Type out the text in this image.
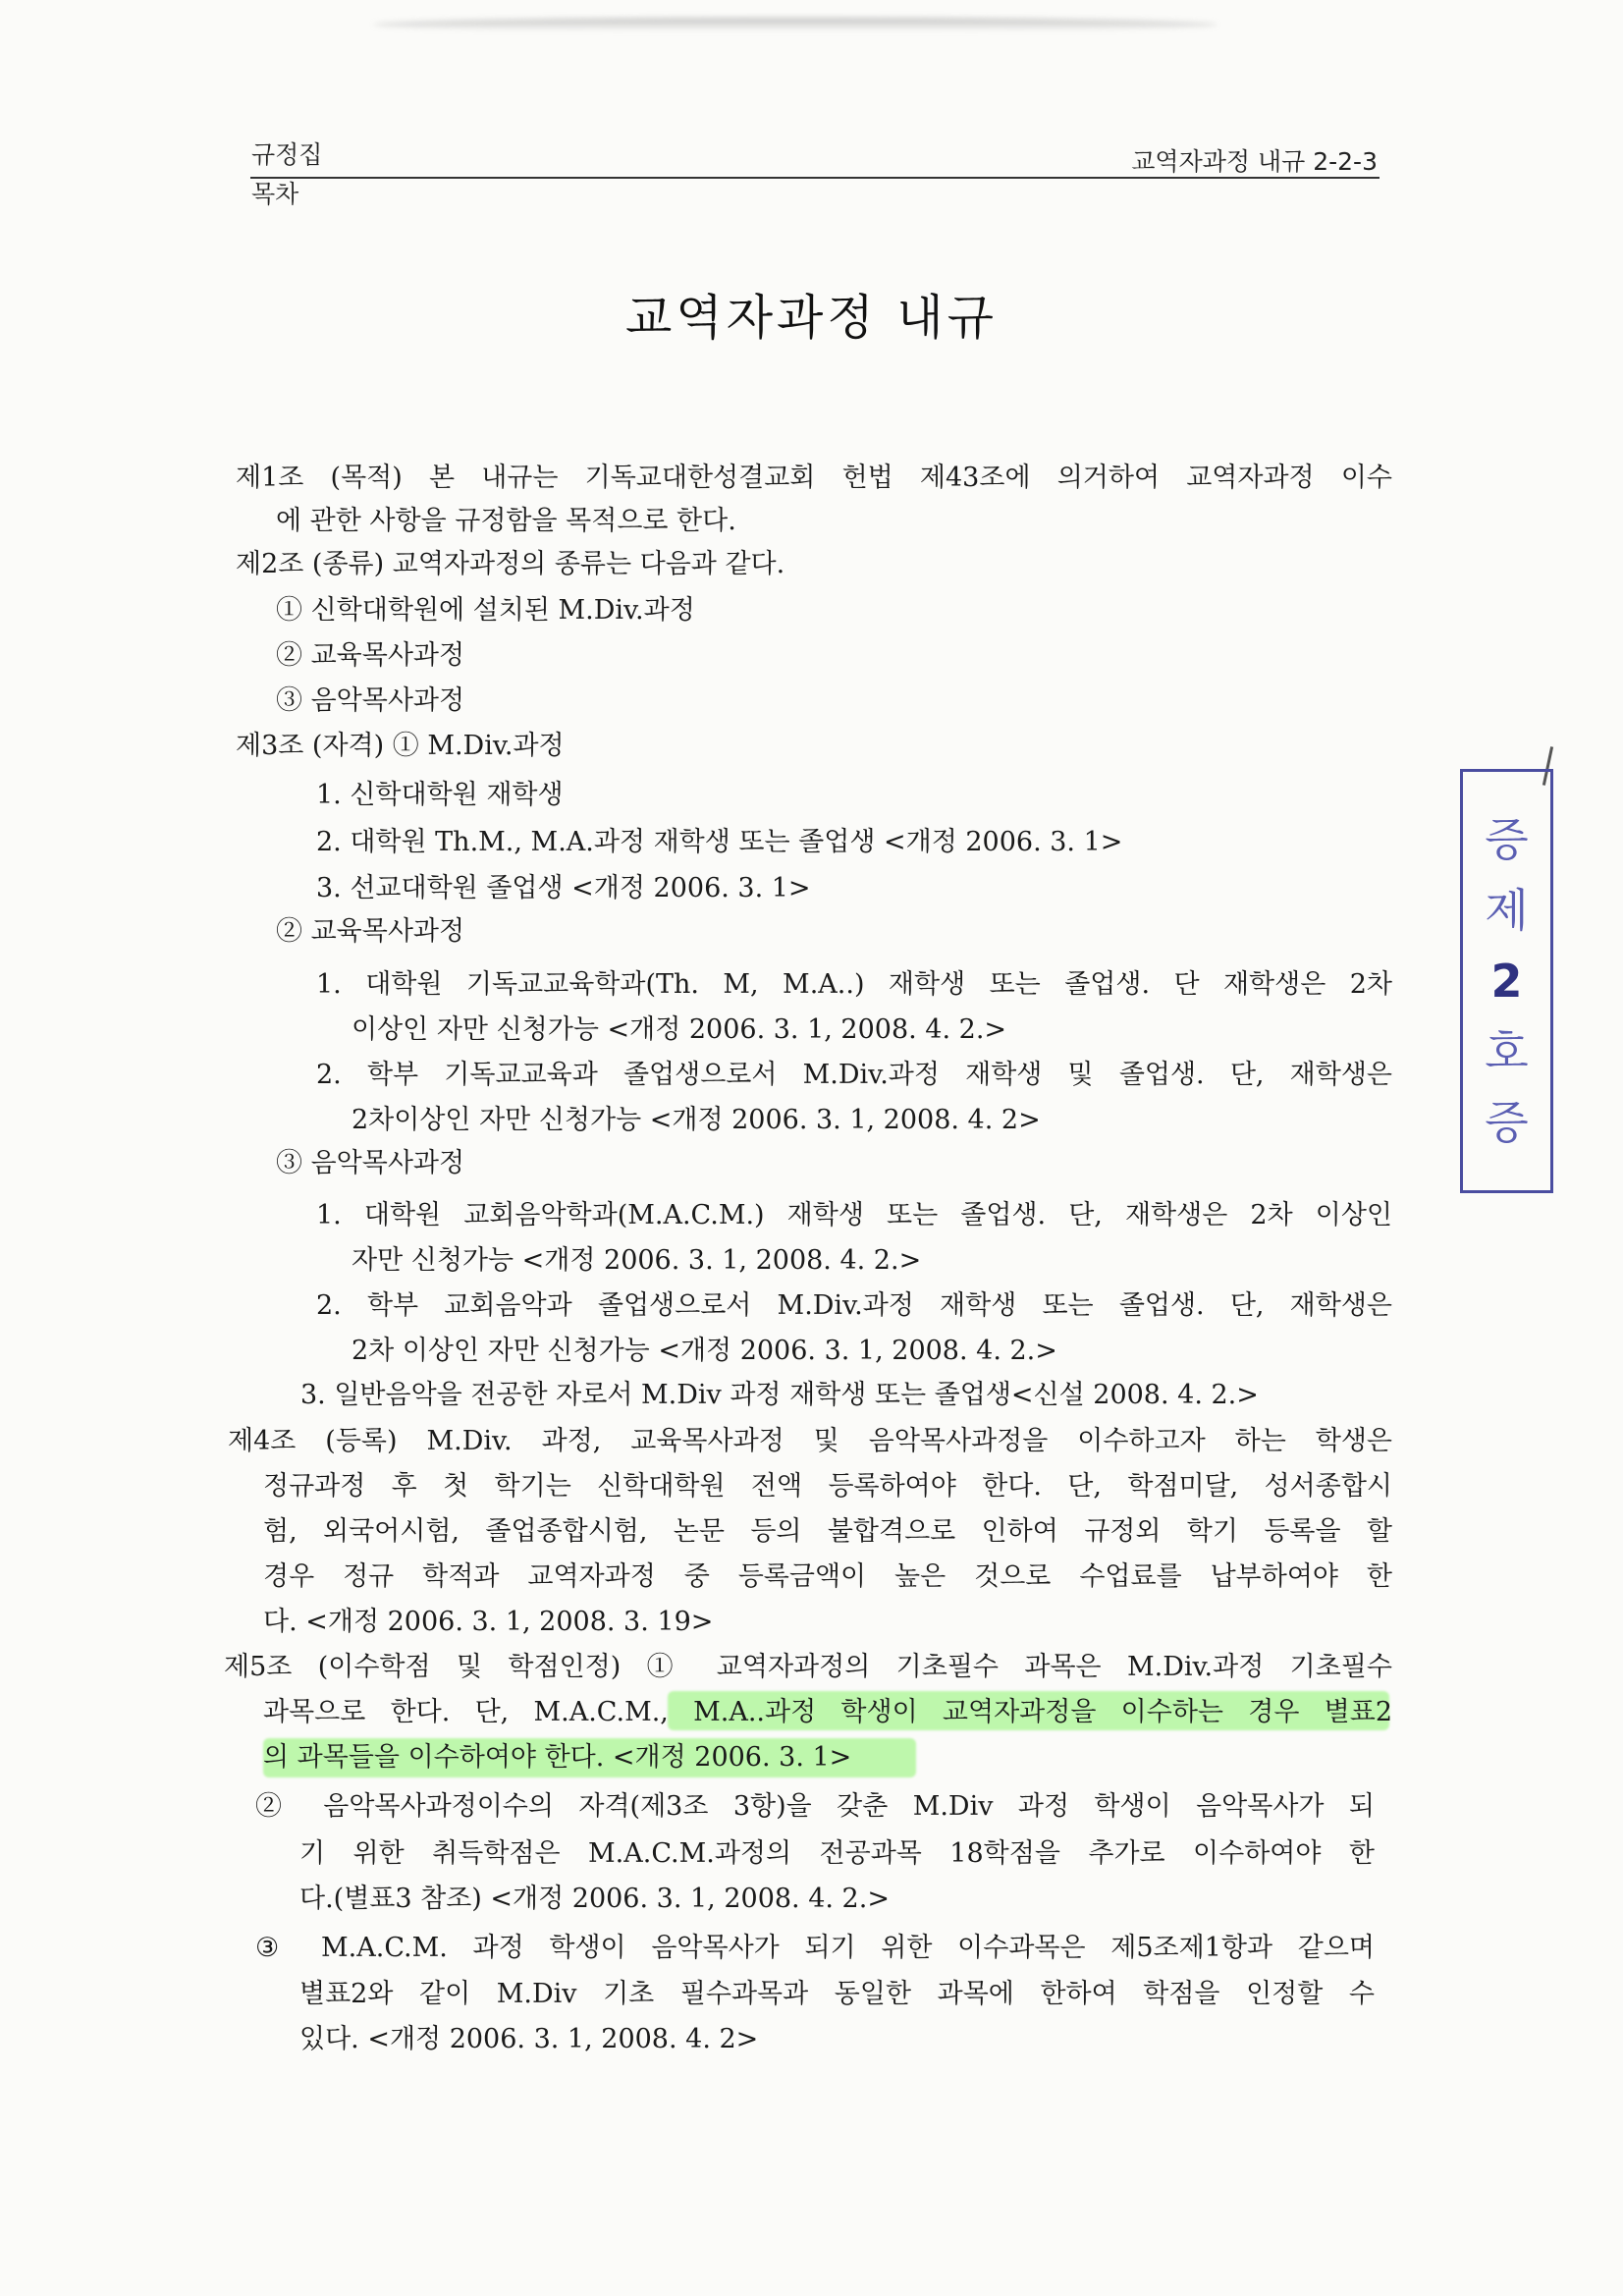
규정집
목차
교역자과정 내규 2-2-3
교역자과정 내규
제1조 (목적) 본 내규는 기독교대한성결교회 헌법 제43조에 의거하여 교역자과정 이수
에 관한 사항을 규정함을 목적으로 한다.
제2조 (종류) 교역자과정의 종류는 다음과 같다.
① 신학대학원에 설치된 M.Div.과정
② 교육목사과정
③ 음악목사과정
제3조 (자격) ① M.Div.과정
1. 신학대학원 재학생
2. 대학원 Th.M., M.A.과정 재학생 또는 졸업생 <개정 2006. 3. 1>
3. 선교대학원 졸업생 <개정 2006. 3. 1>
② 교육목사과정
1. 대학원 기독교교육학과(Th. M, M.A..) 재학생 또는 졸업생. 단 재학생은 2차
이상인 자만 신청가능 <개정 2006. 3. 1, 2008. 4. 2.>
2. 학부 기독교교육과 졸업생으로서 M.Div.과정 재학생 및 졸업생. 단, 재학생은
2차이상인 자만 신청가능 <개정 2006. 3. 1, 2008. 4. 2>
③ 음악목사과정
1. 대학원 교회음악학과(M.A.C.M.) 재학생 또는 졸업생. 단, 재학생은 2차 이상인
자만 신청가능 <개정 2006. 3. 1, 2008. 4. 2.>
2. 학부 교회음악과 졸업생으로서 M.Div.과정 재학생 또는 졸업생. 단, 재학생은
2차 이상인 자만 신청가능 <개정 2006. 3. 1, 2008. 4. 2.>
3. 일반음악을 전공한 자로서 M.Div 과정 재학생 또는 졸업생<신설 2008. 4. 2.>
제4조 (등록) M.Div. 과정, 교육목사과정 및 음악목사과정을 이수하고자 하는 학생은
정규과정 후 첫 학기는 신학대학원 전액 등록하여야 한다. 단, 학점미달, 성서종합시
험, 외국어시험, 졸업종합시험, 논문 등의 불합격으로 인하여 규정외 학기 등록을 할
경우 정규 학적과 교역자과정 중 등록금액이 높은 것으로 수업료를 납부하여야 한
다. <개정 2006. 3. 1, 2008. 3. 19>
제5조 (이수학점 및 학점인정) ① 교역자과정의 기초필수 과목은 M.Div.과정 기초필수
과목으로 한다. 단, M.A.C.M., M.A..과정 학생이 교역자과정을 이수하는 경우 별표2
의 과목들을 이수하여야 한다. <개정 2006. 3. 1>
② 음악목사과정이수의 자격(제3조 3항)을 갖춘 M.Div 과정 학생이 음악목사가 되
기 위한 취득학점은 M.A.C.M.과정의 전공과목 18학점을 추가로 이수하여야 한
다.(별표3 참조) <개정 2006. 3. 1, 2008. 4. 2.>
③ M.A.C.M. 과정 학생이 음악목사가 되기 위한 이수과목은 제5조제1항과 같으며
별표2와 같이 M.Div 기초 필수과목과 동일한 과목에 한하여 학점을 인정할 수
있다. <개정 2006. 3. 1, 2008. 4. 2>
증
제
2
호
증
